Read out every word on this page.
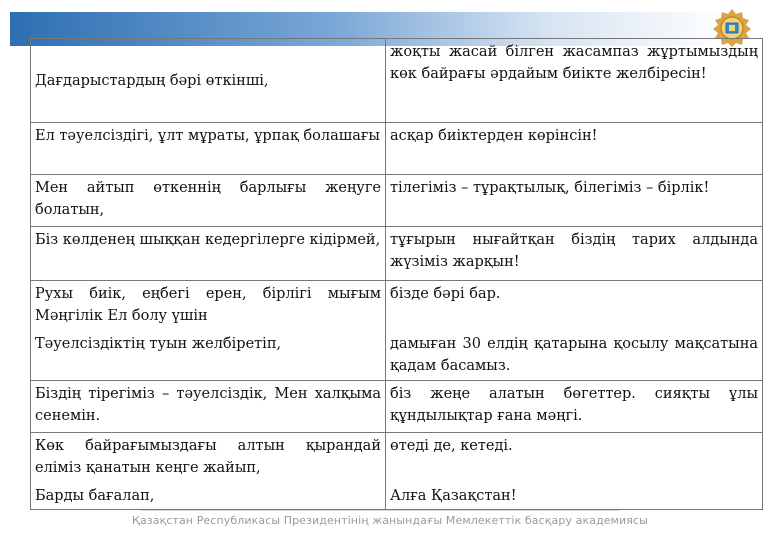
Дағдарыстардың бәрі өткінші,	жоқты жасай білген жасампаз жұртымыздың көк байрағы әрдайым биікте желбіресін!

Ел тәуелсіздігі, ұлт мұраты, ұрпақ болашағы	асқар биіктерден көрінсін!

Мен айтып өткеннің барлығы жеңуге болатын,	тілегіміз – тұрақтылық, білегіміз – бірлік!

Біз көлденең шыққан кедергілерге кідірмей,	тұғырын нығайтқан біздің тарих алдында жүзіміз жарқын!

Рухы биік, еңбегі ерен, бірлігі мығым Мәңгілік Ел болу үшін	бізде бәрі бар.

Тәуелсіздіктің туын желбіретіп,	дамыған 30 елдің қатарына қосылу мақсатына қадам басамыз.

Біздің тірегіміз – тәуелсіздік, Мен халқыма сенемін.	біз жеңе алатын бөгеттер. сияқты ұлы құндылықтар ғана мәңгі.

Көк байрағымыздағы алтын қырандай еліміз қанатын кеңге жайып,	өтеді де, кетеді.

Барды бағалап,	Алға Қазақстан!
Қазақстан Республикасы Президентінің жанындағы Мемлекеттік басқару академиясы
